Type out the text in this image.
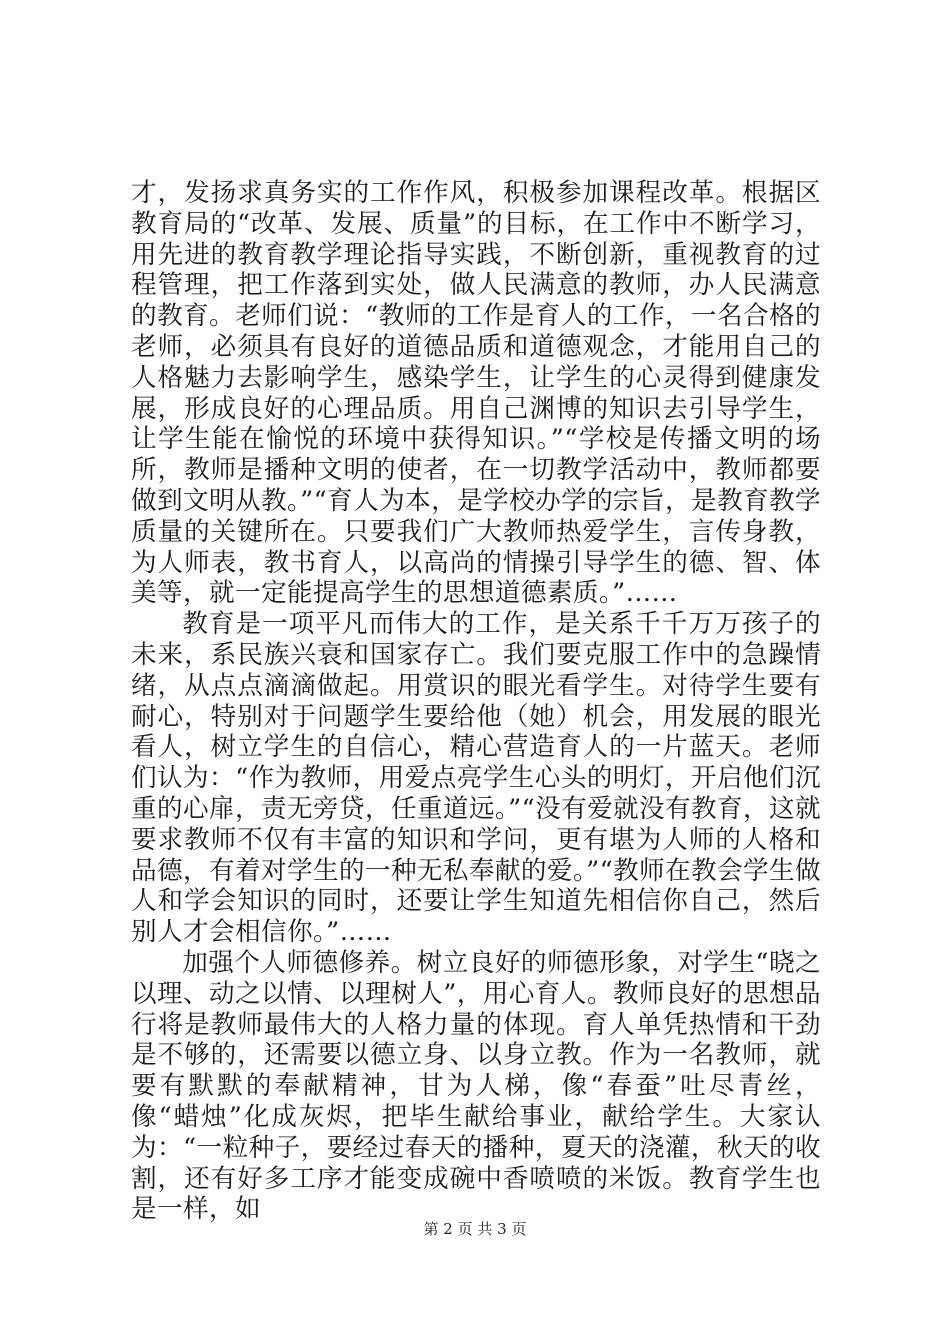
才，发扬求真务实的工作作风，积极参加课程改革。根据区教育局的“改革、发展、质量”的目标，在工作中不断学习，用先进的教育教学理论指导实践，不断创新，重视教育的过程管理，把工作落到实处，做人民满意的教师，办人民满意的教育。老师们说：“教师的工作是育人的工作，一名合格的老师，必须具有良好的道德品质和道德观念，才能用自己的人格魅力去影响学生，感染学生，让学生的心灵得到健康发展，形成良好的心理品质。用自己渊博的知识去引导学生，让学生能在愉悦的环境中获得知识。”“学校是传播文明的场所，教师是播种文明的使者，在一切教学活动中，教师都要做到文明从教。”“育人为本，是学校办学的宗旨，是教育教学质量的关键所在。只要我们广大教师热爱学生，言传身教，为人师表，教书育人，以高尚的情操引导学生的德、智、体美等，就一定能提高学生的思想道德素质。”……

教育是一项平凡而伟大的工作，是关系千千万万孩子的未来，系民族兴衰和国家存亡。我们要克服工作中的急躁情绪，从点点滴滴做起。用赏识的眼光看学生。对待学生要有耐心，特别对于问题学生要给他（她）机会，用发展的眼光看人，树立学生的自信心，精心营造育人的一片蓝天。老师们认为：“作为教师，用爱点亮学生心头的明灯，开启他们沉重的心扉，责无旁贷，任重道远。”“没有爱就没有教育，这就要求教师不仅有丰富的知识和学问，更有堪为人师的人格和品德，有着对学生的一种无私奉献的爱。”“教师在教会学生做人和学会知识的同时，还要让学生知道先相信你自己，然后别人才会相信你。”……

加强个人师德修养。树立良好的师德形象，对学生“晓之以理、动之以情、以理树人”，用心育人。教师良好的思想品行将是教师最伟大的人格力量的体现。育人单凭热情和干劲是不够的，还需要以德立身、以身立教。作为一名教师，就要有默默的奉献精神，甘为人梯，像“春蚕”吐尽青丝，像“蜡烛”化成灰烬，把毕生献给事业，献给学生。大家认为：“一粒种子，要经过春天的播种，夏天的浇灌，秋天的收割，还有好多工序才能变成碗中香喷喷的米饭。教育学生也是一样，如

第 2 页 共 3 页
